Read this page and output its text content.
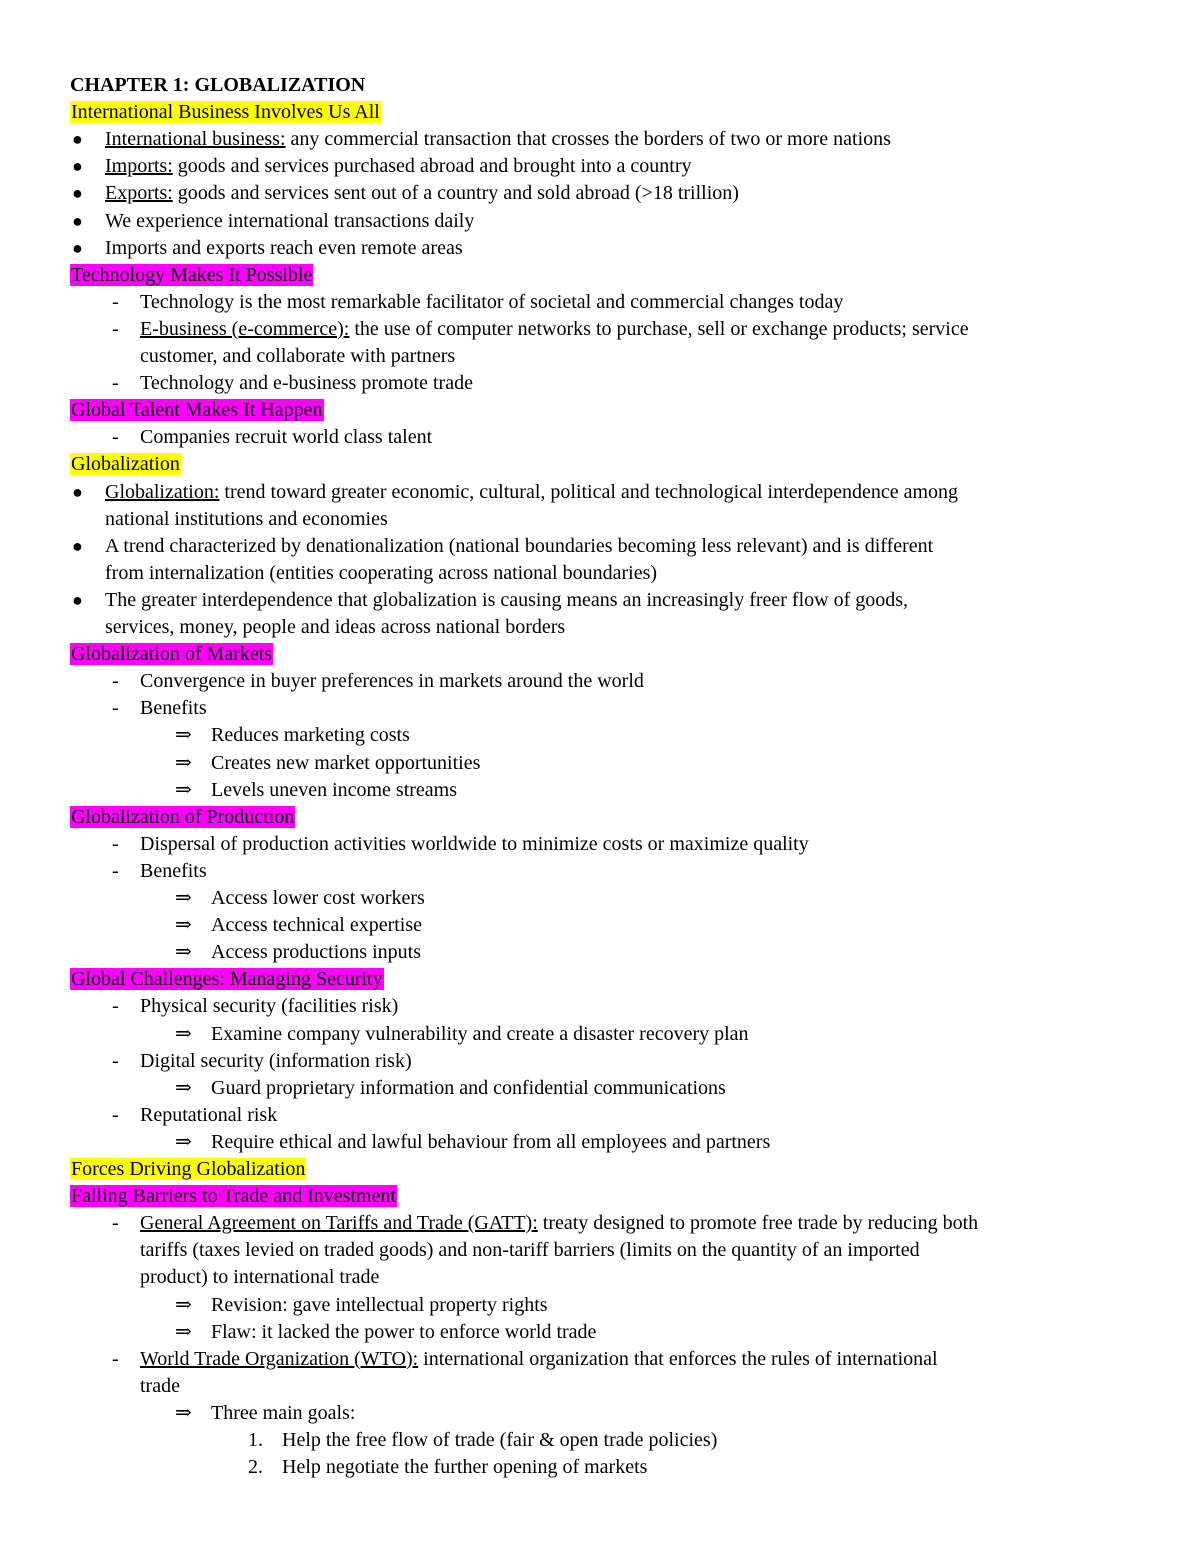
CHAPTER 1: GLOBALIZATION
International Business Involves Us All
● International business: any commercial transaction that crosses the borders of two or more nations
● Imports: goods and services purchased abroad and brought into a country
● Exports: goods and services sent out of a country and sold abroad (>18 trillion)
● We experience international transactions daily
● Imports and exports reach even remote areas
Technology Makes It Possible
- Technology is the most remarkable facilitator of societal and commercial changes today
- E-business (e-commerce): the use of computer networks to purchase, sell or exchange products; service
customer, and collaborate with partners
- Technology and e-business promote trade
Global Talent Makes It Happen
- Companies recruit world class talent
Globalization
● Globalization: trend toward greater economic, cultural, political and technological interdependence among
national institutions and economies
● A trend characterized by denationalization (national boundaries becoming less relevant) and is different
from internalization (entities cooperating across national boundaries)
● The greater interdependence that globalization is causing means an increasingly freer flow of goods,
services, money, people and ideas across national borders
Globalization of Markets
- Convergence in buyer preferences in markets around the world
- Benefits
⇒ Reduces marketing costs
⇒ Creates new market opportunities
⇒ Levels uneven income streams
Globalization of Production
- Dispersal of production activities worldwide to minimize costs or maximize quality
- Benefits
⇒ Access lower cost workers
⇒ Access technical expertise
⇒ Access productions inputs
Global Challenges: Managing Security
- Physical security (facilities risk)
⇒ Examine company vulnerability and create a disaster recovery plan
- Digital security (information risk)
⇒ Guard proprietary information and confidential communications
- Reputational risk
⇒ Require ethical and lawful behaviour from all employees and partners
Forces Driving Globalization
Falling Barriers to Trade and Investment
- General Agreement on Tariffs and Trade (GATT): treaty designed to promote free trade by reducing both
tariffs (taxes levied on traded goods) and non-tariff barriers (limits on the quantity of an imported
product) to international trade
⇒ Revision: gave intellectual property rights
⇒ Flaw: it lacked the power to enforce world trade
- World Trade Organization (WTO): international organization that enforces the rules of international
trade
⇒ Three main goals:
1. Help the free flow of trade (fair & open trade policies)
2. Help negotiate the further opening of markets
